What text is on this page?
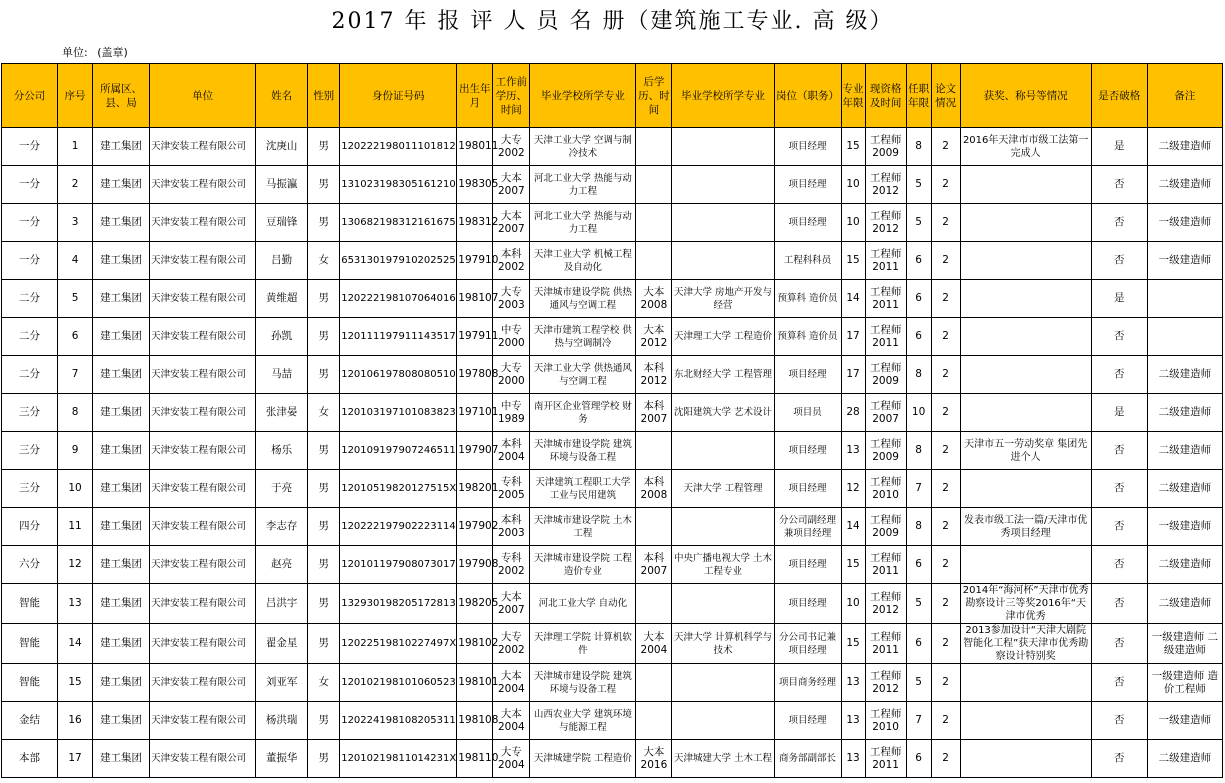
2017 年 报 评 人 员 名 册（建筑施工专业. 高 级）
单位: (盖章)
分公司	序号	所属区、县、局	单位	姓名	性别	身份证号码	出生年月	工作前学历、时间	毕业学校所学专业	后学历、时间	毕业学校所学专业	岗位（职务）	专业年限	现资格及时间	任职年限	论文情况	获奖、称号等情况	是否破格	备注
一分	1	建工集团	天津安装工程有限公司	沈庚山	男	120222198011101812	198011	大专 2002	天津工业大学 空调与制冷技术			项目经理	15	工程师 2009	8	2	2016年天津市市级工法第一完成人	是	二级建造师
一分	2	建工集团	天津安装工程有限公司	马振瀛	男	131023198305161210	198305	大本 2007	河北工业大学 热能与动力工程			项目经理	10	工程师 2012	5	2		否	二级建造师
一分	3	建工集团	天津安装工程有限公司	豆瑞锋	男	130682198312161675	198312	大本 2007	河北工业大学 热能与动力工程			项目经理	10	工程师 2012	5	2		否	一级建造师
一分	4	建工集团	天津安装工程有限公司	吕勤	女	653130197910202525	197910	本科 2002	天津工业大学 机械工程及自动化			工程科科员	15	工程师 2011	6	2		否	一级建造师
二分	5	建工集团	天津安装工程有限公司	黄维超	男	120222198107064016	198107	大专 2003	天津城市建设学院 供热通风与空调工程	大本 2008	天津大学 房地产开发与经营	预算科 造价员	14	工程师 2011	6	2		是	
二分	6	建工集团	天津安装工程有限公司	孙凯	男	120111197911143517	197911	中专 2000	天津市建筑工程学校 供热与空调制冷	大本 2012	天津理工大学 工程造价	预算科 造价员	17	工程师 2011	6	2		否	
二分	7	建工集团	天津安装工程有限公司	马喆	男	120106197808080510	197808	大专 2000	天津工业大学 供热通风与空调工程	本科 2012	东北财经大学 工程管理	项目经理	17	工程师 2009	8	2		否	二级建造师
三分	8	建工集团	天津安装工程有限公司	张津晏	女	120103197101083823	197101	中专 1989	南开区企业管理学校 财务	本科 2007	沈阳建筑大学 艺术设计	项目员	28	工程师 2007	10	2		是	二级建造师
三分	9	建工集团	天津安装工程有限公司	杨乐	男	120109197907246511	197907	本科 2004	天津城市建设学院 建筑环境与设备工程			项目经理	13	工程师 2009	8	2	天津市五一劳动奖章 集团先进个人	否	二级建造师
三分	10	建工集团	天津安装工程有限公司	于亮	男	12010519820127515X	198201	专科 2005	天津建筑工程职工大学 工业与民用建筑	本科 2008	天津大学 工程管理	项目经理	12	工程师 2010	7	2		否	二级建造师
四分	11	建工集团	天津安装工程有限公司	李志存	男	120222197902223114	197902	本科 2003	天津城市建设学院 土木工程			分公司副经理兼项目经理	14	工程师 2009	8	2	发表市级工法一篇/天津市优秀项目经理	否	一级建造师
六分	12	建工集团	天津安装工程有限公司	赵亮	男	120101197908073017	197908	专科 2002	天津城市建设学院 工程造价专业	本科 2007	中央广播电视大学 土木工程专业	项目经理	15	工程师 2011	6	2		否	二级建造师
智能	13	建工集团	天津安装工程有限公司	吕洪宇	男	132930198205172813	198205	大本 2007	河北工业大学 自动化			项目经理	10	工程师 2012	5	2	2014年“海河杯”天津市优秀勘察设计三等奖2016年“天津市优秀	否	二级建造师
智能	14	建工集团	天津安装工程有限公司	翟金星	男	12022519810227497X	198102	大专 2002	天津理工学院 计算机软件	大本 2004	天津大学 计算机科学与技术	分公司书记兼项目经理	15	工程师 2011	6	2	2013参加设计“天津大剧院智能化工程”获天津市优秀勘察设计特别奖	否	一级建造师 二级建造师
智能	15	建工集团	天津安装工程有限公司	刘亚军	女	120102198101060523	198101	大本 2004	天津城市建设学院 建筑环境与设备工程			项目商务经理	13	工程师 2012	5	2		否	一级建造师 造价工程师
金结	16	建工集团	天津安装工程有限公司	杨洪瑞	男	120224198108205311	198108	大本 2004	山西农业大学 建筑环境与能源工程			项目经理	13	工程师 2010	7	2		否	一级建造师
本部	17	建工集团	天津安装工程有限公司	董振华	男	12010219811014231X	198110	大专 2004	天津城建学院 工程造价	大本 2016	天津城建大学 土木工程	商务部副部长	13	工程师 2011	6	2		否	二级建造师
